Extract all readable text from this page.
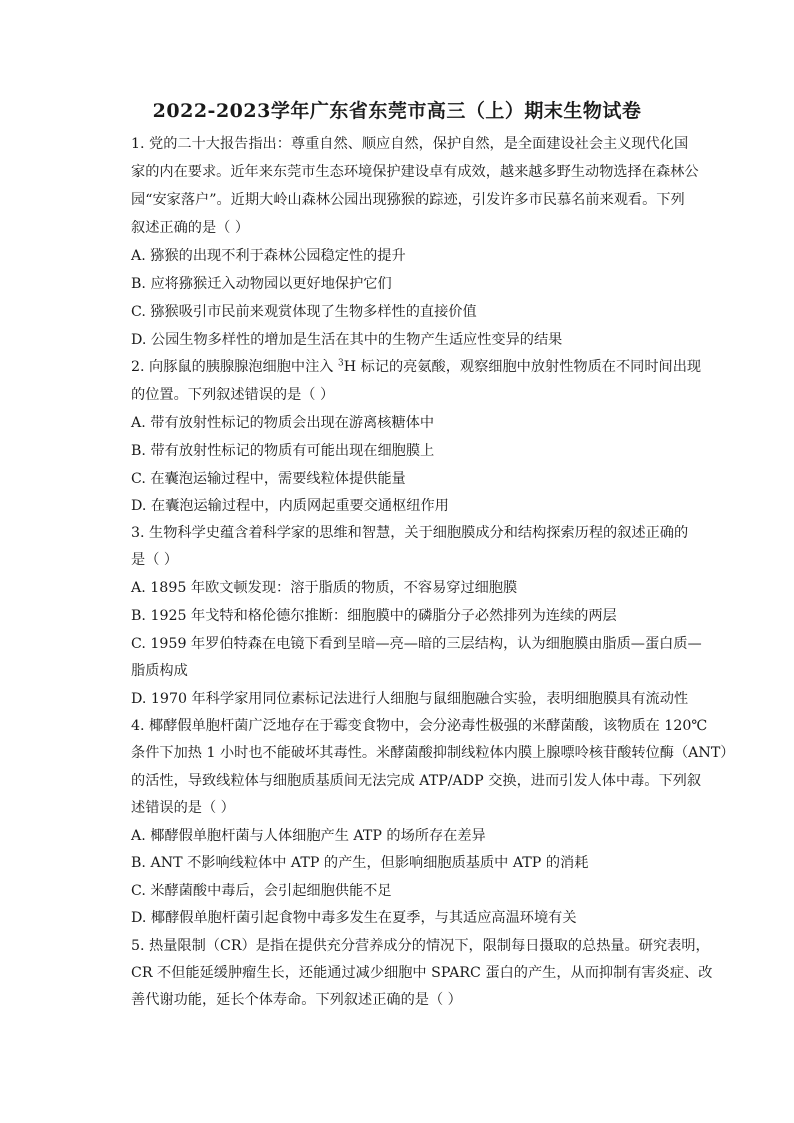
2022-2023学年广东省东莞市高三（上）期末生物试卷
1. 党的二十大报告指出：尊重自然、顺应自然，保护自然，是全面建设社会主义现代化国
家的内在要求。近年来东莞市生态环境保护建设卓有成效，越来越多野生动物选择在森林公
园“安家落户”。近期大岭山森林公园出现猕猴的踪迹，引发许多市民慕名前来观看。下列
叙述正确的是（ ）
A. 猕猴的出现不利于森林公园稳定性的提升
B. 应将猕猴迁入动物园以更好地保护它们
C. 猕猴吸引市民前来观赏体现了生物多样性的直接价值
D. 公园生物多样性的增加是生活在其中的生物产生适应性变异的结果
2. 向豚鼠的胰腺腺泡细胞中注入 $^3$H 标记的亮氨酸，观察细胞中放射性物质在不同时间出现
的位置。下列叙述错误的是（ ）
A. 带有放射性标记的物质会出现在游离核糖体中
B. 带有放射性标记的物质有可能出现在细胞膜上
C. 在囊泡运输过程中，需要线粒体提供能量
D. 在囊泡运输过程中，内质网起重要交通枢纽作用
3. 生物科学史蕴含着科学家的思维和智慧，关于细胞膜成分和结构探索历程的叙述正确的
是（ ）
A. 1895 年欧文顿发现：溶于脂质的物质，不容易穿过细胞膜
B. 1925 年戈特和格伦德尔推断：细胞膜中的磷脂分子必然排列为连续的两层
C. 1959 年罗伯特森在电镜下看到呈暗—亮—暗的三层结构，认为细胞膜由脂质—蛋白质—
脂质构成
D. 1970 年科学家用同位素标记法进行人细胞与鼠细胞融合实验，表明细胞膜具有流动性
4. 椰酵假单胞杆菌广泛地存在于霉变食物中，会分泌毒性极强的米酵菌酸，该物质在 120℃
条件下加热 1 小时也不能破坏其毒性。米酵菌酸抑制线粒体内膜上腺嘌呤核苷酸转位酶（ANT）
的活性，导致线粒体与细胞质基质间无法完成 ATP/ADP 交换，进而引发人体中毒。下列叙
述错误的是（ ）
A. 椰酵假单胞杆菌与人体细胞产生 ATP 的场所存在差异
B. ANT 不影响线粒体中 ATP 的产生，但影响细胞质基质中 ATP 的消耗
C. 米酵菌酸中毒后，会引起细胞供能不足
D. 椰酵假单胞杆菌引起食物中毒多发生在夏季，与其适应高温环境有关
5. 热量限制（CR）是指在提供充分营养成分的情况下，限制每日摄取的总热量。研究表明，
CR 不但能延缓肿瘤生长，还能通过减少细胞中 SPARC 蛋白的产生，从而抑制有害炎症、改
善代谢功能，延长个体寿命。下列叙述正确的是（ ）
